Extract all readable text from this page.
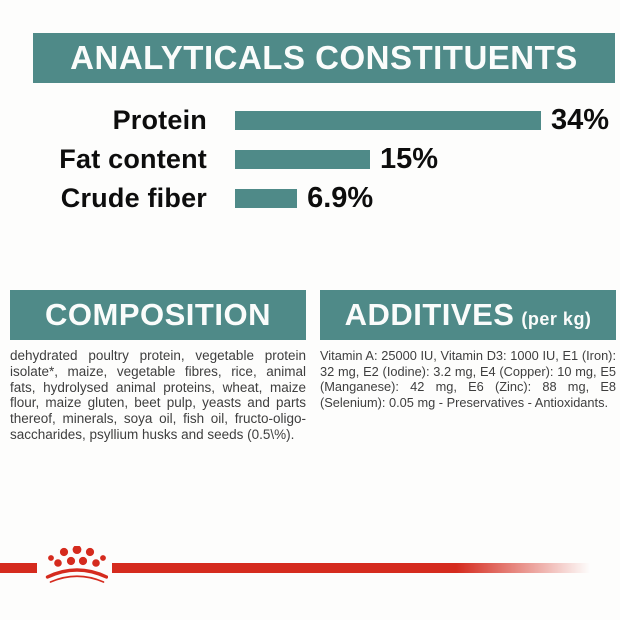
ANALYTICALS CONSTITUENTS
Protein	34%
Fat content	15%
Crude fiber	6.9%
COMPOSITION

dehydrated poultry protein, vegetable protein isolate*, maize, vegetable fibres, rice, animal fats, hydrolysed animal proteins, wheat, maize flour, maize gluten, beet pulp, yeasts and parts thereof, minerals, soya oil, fish oil, fructo-oligo-saccharides, psyllium husks and seeds (0.5\%).

ADDITIVES (per kg)

Vitamin A: 25000 IU, Vitamin D3: 1000 IU, E1 (Iron): 32 mg, E2 (Iodine): 3.2 mg, E4 (Copper): 10 mg, E5 (Manganese): 42 mg, E6 (Zinc): 88 mg, E8 (Selenium): 0.05 mg - Preservatives - Antioxidants.
